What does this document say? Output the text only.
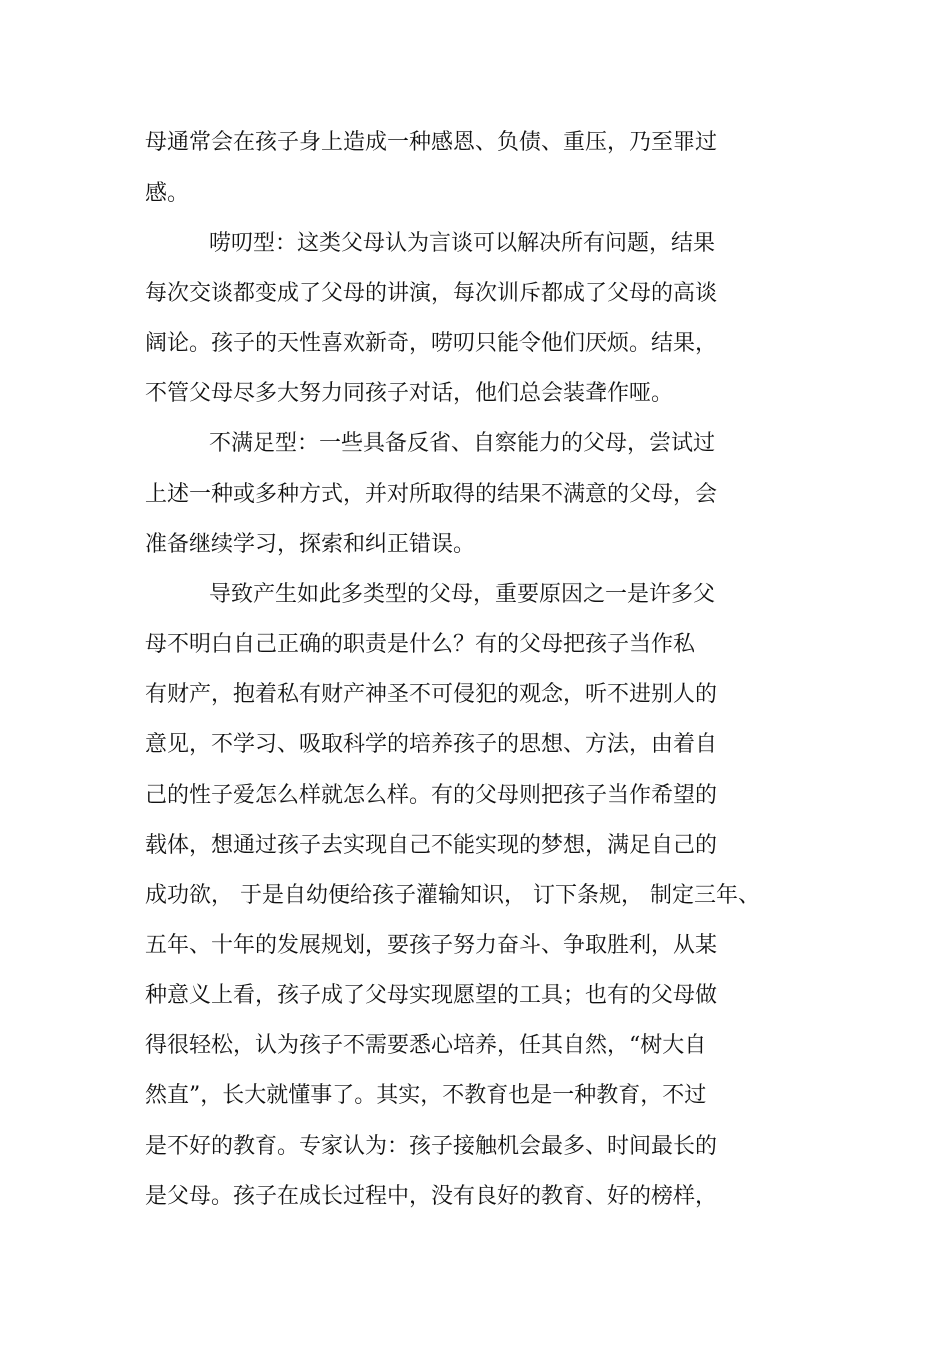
母通常会在孩子身上造成一种感恩、负债、重压，乃至罪过
感。
唠叨型：这类父母认为言谈可以解决所有问题，结果
每次交谈都变成了父母的讲演，每次训斥都成了父母的高谈
阔论。孩子的天性喜欢新奇，唠叨只能令他们厌烦。结果，
不管父母尽多大努力同孩子对话，他们总会装聋作哑。
不满足型：一些具备反省、自察能力的父母，尝试过
上述一种或多种方式，并对所取得的结果不满意的父母，会
准备继续学习，探索和纠正错误。
导致产生如此多类型的父母，重要原因之一是许多父
母不明白自己正确的职责是什么？有的父母把孩子当作私
有财产，抱着私有财产神圣不可侵犯的观念，听不进别人的
意见，不学习、吸取科学的培养孩子的思想、方法，由着自
己的性子爱怎么样就怎么样。有的父母则把孩子当作希望的
载体，想通过孩子去实现自己不能实现的梦想，满足自己的
成功欲， 于是自幼便给孩子灌输知识， 订下条规， 制定三年、
五年、十年的发展规划，要孩子努力奋斗、争取胜利，从某
种意义上看，孩子成了父母实现愿望的工具；也有的父母做
得很轻松，认为孩子不需要悉心培养，任其自然，“树大自
然直”，长大就懂事了。其实，不教育也是一种教育，不过
是不好的教育。专家认为：孩子接触机会最多、时间最长的
是父母。孩子在成长过程中，没有良好的教育、好的榜样，
